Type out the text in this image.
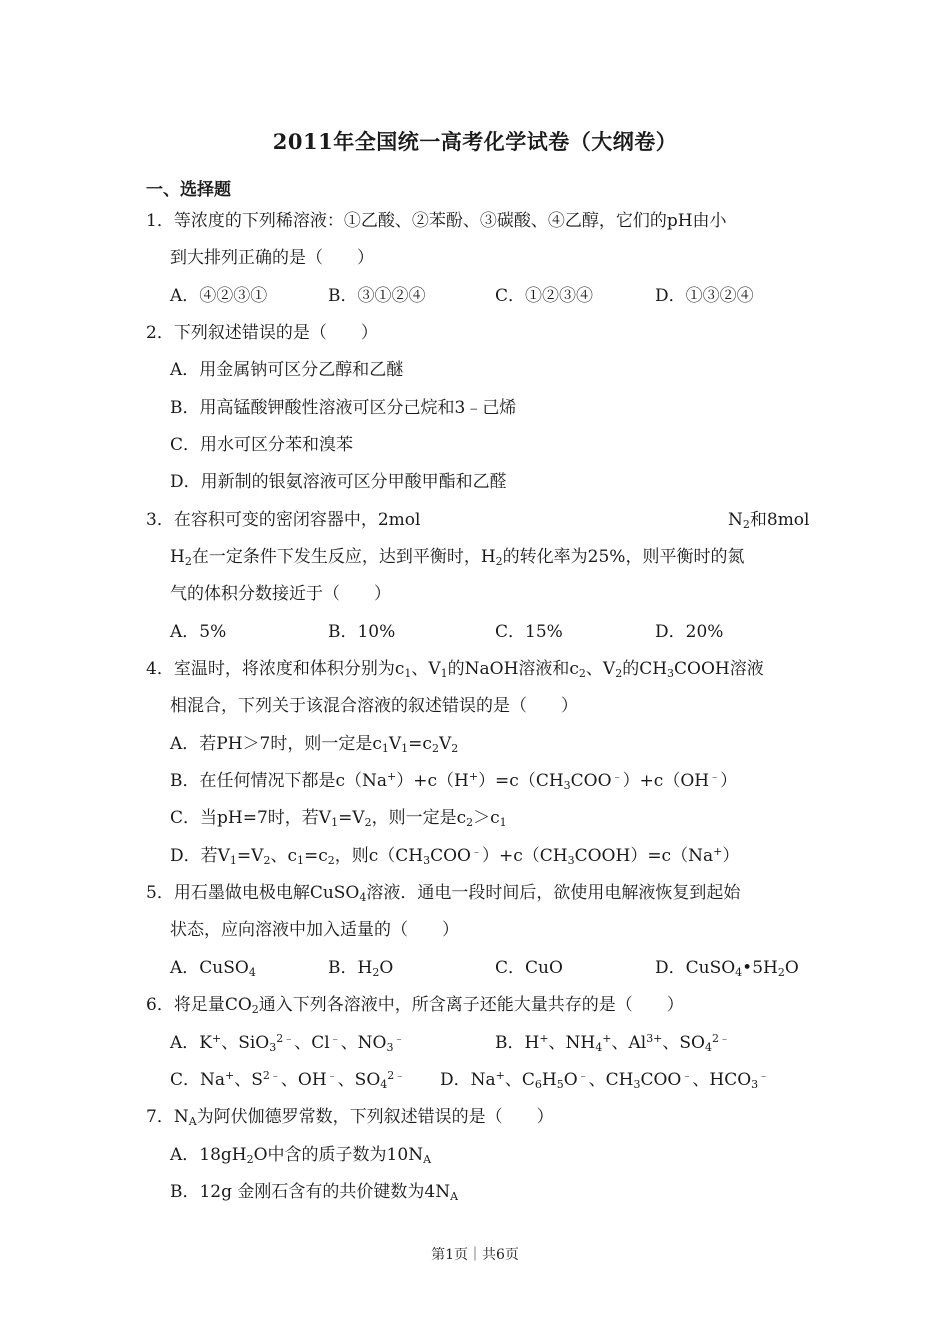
2011年全国统一高考化学试卷（大纲卷）
一、选择题
1．等浓度的下列稀溶液：①乙酸、②苯酚、③碳酸、④乙醇，它们的pH由小
到大排列正确的是（　　）
A．④②③①	B．③①②④	C．①②③④	D．①③②④
2．下列叙述错误的是（　　）
A．用金属钠可区分乙醇和乙醚
B．用高锰酸钾酸性溶液可区分己烷和3﹣己烯
C．用水可区分苯和溴苯
D．用新制的银氨溶液可区分甲酸甲酯和乙醛
3．在容积可变的密闭容器中，2mol	$N_2$和8mol
$H_2$在一定条件下发生反应，达到平衡时，$H_2$的转化率为25%，则平衡时的氮
气的体积分数接近于（　　）
A．5%	B．10%	C．15%	D．20%
4．室温时，将浓度和体积分别为$c_1$、$V_1$的NaOH溶液和$c_2$、$V_2$的$CH_3COOH$溶液
相混合，下列关于该混合溶液的叙述错误的是（　　）
A．若PH＞7时，则一定是$c_1V_1=c_2V_2$
B．在任何情况下都是$c(Na^+)+c(H^+)=c(CH_3COO^﹣)+c(OH^﹣)$
C．当pH=7时，若$V_1=V_2$，则一定是$c_2>c_1$
D．若$V_1=V_2$、$c_1=c_2$，则$c(CH_3COO^﹣)+c(CH_3COOH)=c(Na^+)$
5．用石墨做电极电解CuSO$_4$溶液．通电一段时间后，欲使用电解液恢复到起始
状态，应向溶液中加入适量的（　　）
A．CuSO$_4$	B．$H_2O$	C．CuO	D．$CuSO_4•5H_2O$
6．将足量$CO_2$通入下列各溶液中，所含离子还能大量共存的是（　　）
A．K+、SiO$_3^{2﹣}$、Cl﹣、$NO_3^﹣$	B．H+、$NH_4^+$、$Al^{3+}$、$SO_4^{2﹣}$
C．Na+、$S^{2﹣}$、OH﹣、$SO_4^{2﹣}$ D．Na+、$C_6H_5O^﹣$、$CH_3COO^﹣$、$HCO_3^﹣$
7．$N_A$为阿伏伽德罗常数，下列叙述错误的是（　　）
A．$18gH_2O$中含的质子数为$10N_A$
B．12g 金刚石含有的共价键数为$4N_A$
第1页｜共6页
